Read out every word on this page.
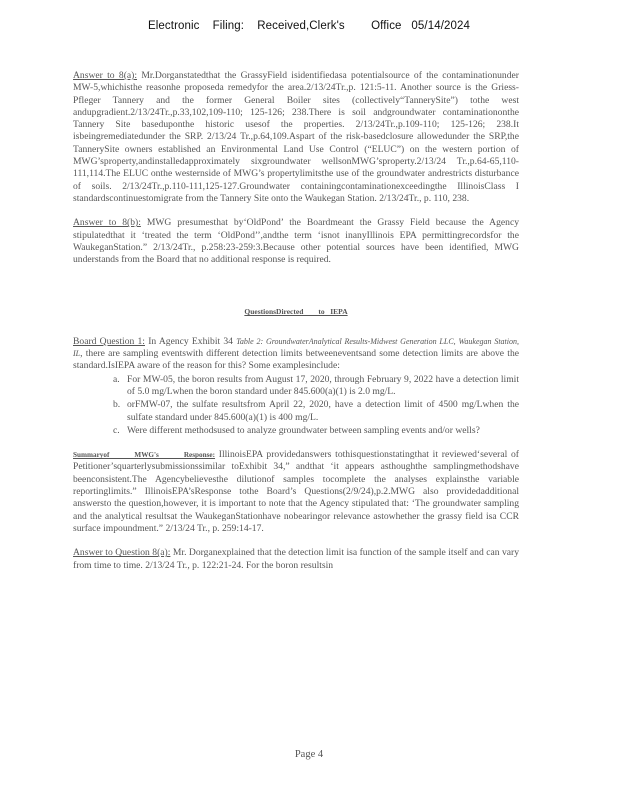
Electronic    Filing:    Received,Clerk's        Office   05/14/2024

Answer to 8(a): Mr.Dorganstatedthat the GrassyField isidentifiedasa potentialsource of the contaminationunder MW-5,whichisthe reasonhe proposeda remedyfor the area.2/13/24Tr.,p. 121:5-11. Another source is the Griess-Pfleger Tannery and the former General Boiler sites (collectively“TannerySite”) tothe west andupgradient.2/13/24Tr.,p.33,102,109-110; 125-126; 238.There is soil andgroundwater contaminationonthe Tannery Site baseduponthe historic usesof the properties. 2/13/24Tr.,p.109-110; 125-126; 238.It isbeingremediatedunder the SRP. 2/13/24 Tr.,p.64,109.Aspart of the risk-basedclosure allowedunder the SRP,the TannerySite owners established an Environmental Land Use Control (“ELUC”) on the western portion of MWG’sproperty,andinstalledapproximately sixgroundwater wellsonMWG’sproperty.2/13/24 Tr.,p.64-65,110-111,114.The ELUC onthe westernside of MWG’s propertylimitsthe use of the groundwater andrestricts disturbance of soils. 2/13/24Tr.,p.110-111,125-127.Groundwater containingcontaminationexceedingthe IllinoisClass I standardscontinuestomigrate from the Tannery Site onto the Waukegan Station. 2/13/24Tr., p. 110, 238.

Answer to 8(b): MWG presumesthat by‘OldPond’ the Boardmeant the Grassy Field because the Agency stipulatedthat it ‘treated the term ‘OldPond’’,andthe term ‘isnot inanyIllinois EPA permittingrecordsfor the WaukeganStation.” 2/13/24Tr., p.258:23-259:3.Because other potential sources have been identified, MWG understands from the Board that no additional response is required.

QuestionsDirected        to   IEPA

Board Question 1: In Agency Exhibit 34 Table 2: GroundwaterAnalytical Results-Midwest Generation LLC, Waukegan Station, IL, there are sampling eventswith different detection limits betweeneventsand some detection limits are above the standard.IsIEPA aware of the reason for this? Some examplesinclude:

a. For MW-05, the boron results from August 17, 2020, through February 9, 2022 have a detection limit of 5.0 mg/Lwhen the boron standard under 845.600(a)(1) is 2.0 mg/L.
b. orFMW-07, the sulfate resultsfrom April 22, 2020, have a detection limit of 4500 mg/Lwhen the sulfate standard under 845.600(a)(1) is 400 mg/L.
c. Were different methodsused to analyze groundwater between sampling events and/or wells?

Summaryof        MWG's        Response: IllinoisEPA providedanswers tothisquestionstatingthat it reviewed‘several of Petitioner’squarterlysubmissionssimilar toExhibit 34,” andthat ‘it appears asthoughthe samplingmethodshave beenconsistent.The Agencybelievesthe dilutionof samples tocomplete the analyses explainsthe variable reportinglimits.” IllinoisEPA’sResponse tothe Board’s Questions(2/9/24),p.2.MWG also providedadditional answersto the question,however, it is important to note that the Agency stipulated that: ‘The groundwater sampling and the analytical resultsat the WaukeganStationhave nobearingor relevance astowhether the grassy field isa CCR surface impoundment.” 2/13/24 Tr., p. 259:14-17.

Answer to Question 8(a): Mr. Dorganexplained that the detection limit isa function of the sample itself and can vary from time to time. 2/13/24 Tr., p. 122:21-24. For the boron resultsin

Page 4
